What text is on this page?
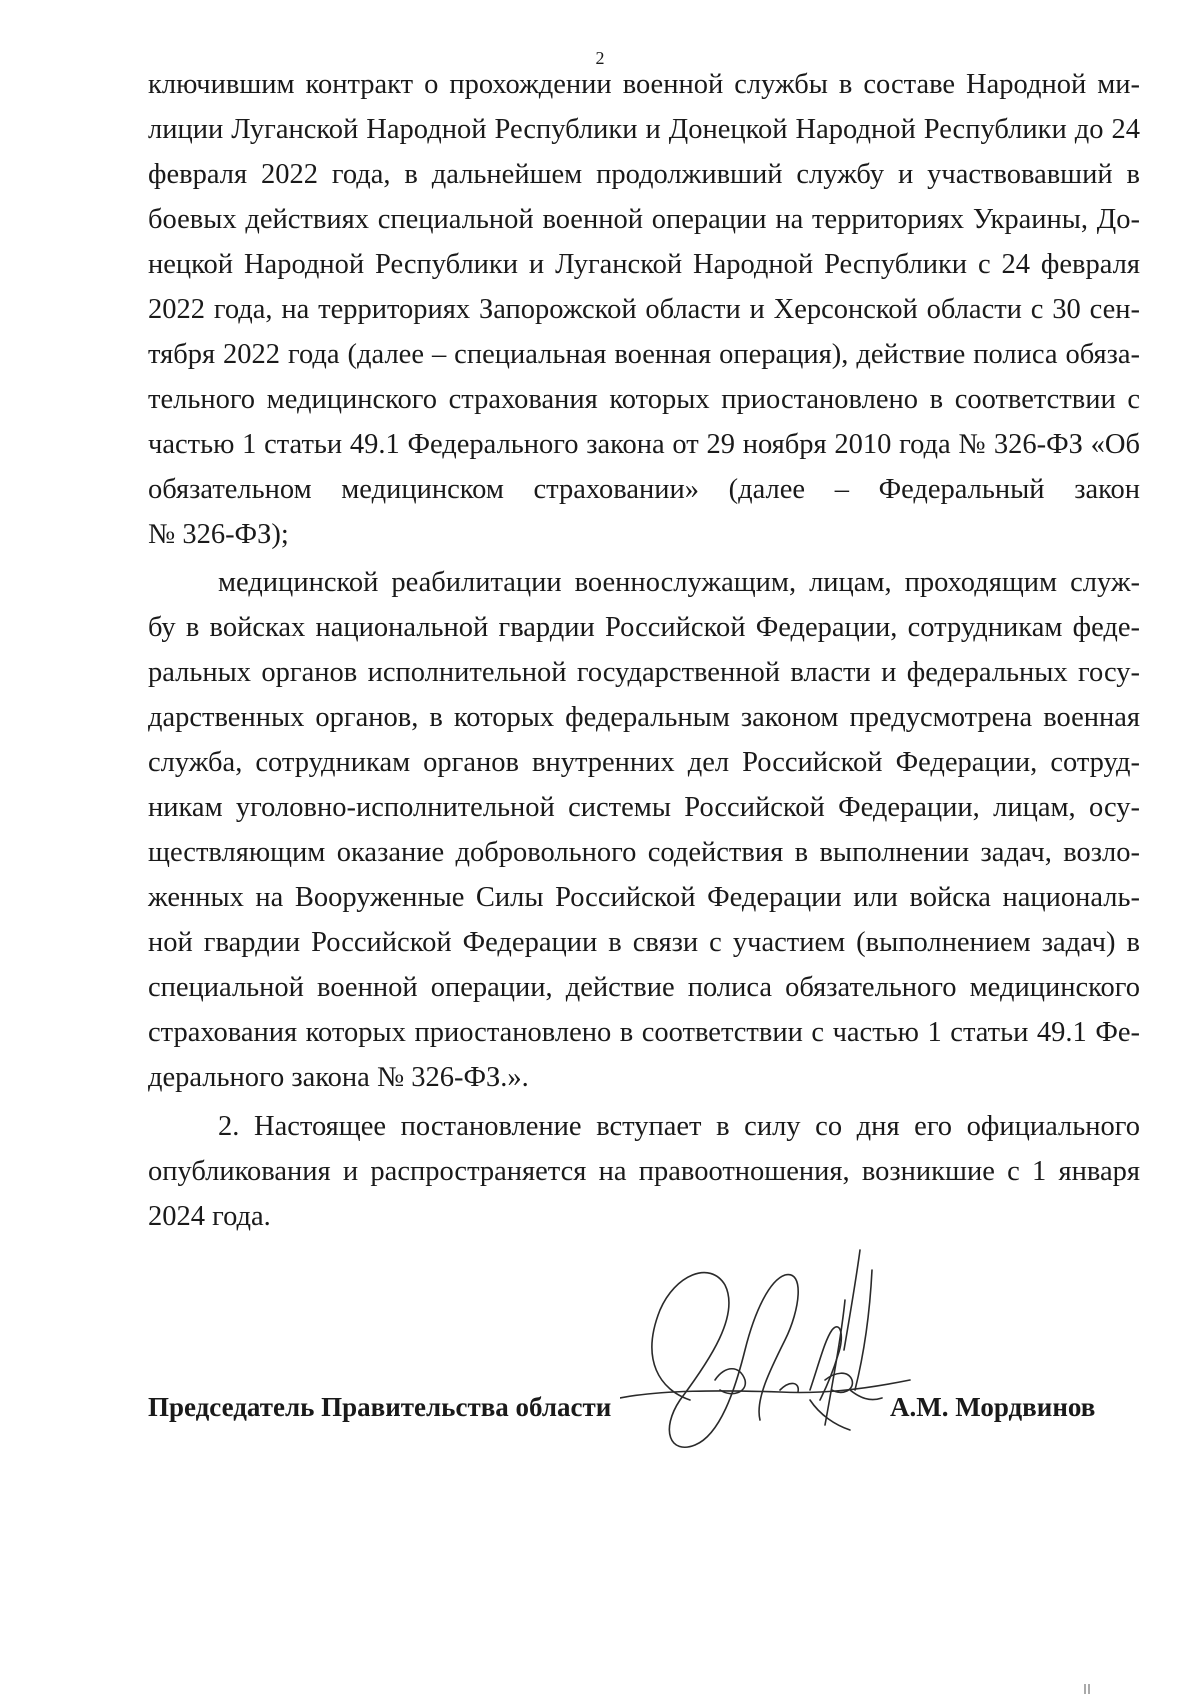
2
ключившим контракт о прохождении военной службы в составе Народной ми-
лиции Луганской Народной Республики и Донецкой Народной Республики до 24
февраля 2022 года, в дальнейшем продолживший службу и участвовавший в
боевых действиях специальной военной операции на территориях Украины, До-
нецкой Народной Республики и Луганской Народной Республики с 24 февраля
2022 года, на территориях Запорожской области и Херсонской области с 30 сен-
тября 2022 года (далее – специальная военная операция), действие полиса обяза-
тельного медицинского страхования которых приостановлено в соответствии с
частью 1 статьи 49.1 Федерального закона от 29 ноября 2010 года № 326-ФЗ «Об
обязательном медицинском страховании» (далее – Федеральный закон
№ 326-ФЗ);
медицинской реабилитации военнослужащим, лицам, проходящим служ-
бу в войсках национальной гвардии Российской Федерации, сотрудникам феде-
ральных органов исполнительной государственной власти и федеральных госу-
дарственных органов, в которых федеральным законом предусмотрена военная
служба, сотрудникам органов внутренних дел Российской Федерации, сотруд-
никам уголовно-исполнительной системы Российской Федерации, лицам, осу-
ществляющим оказание добровольного содействия в выполнении задач, возло-
женных на Вооруженные Силы Российской Федерации или войска националь-
ной гвардии Российской Федерации в связи с участием (выполнением задач) в
специальной военной операции, действие полиса обязательного медицинского
страхования которых приостановлено в соответствии с частью 1 статьи 49.1 Фе-
дерального закона № 326-ФЗ.».
2. Настоящее постановление вступает в силу со дня его официального
опубликования и распространяется на правоотношения, возникшие с 1 января
2024 года.
Председатель Правительства области	А.М. Мордвинов
